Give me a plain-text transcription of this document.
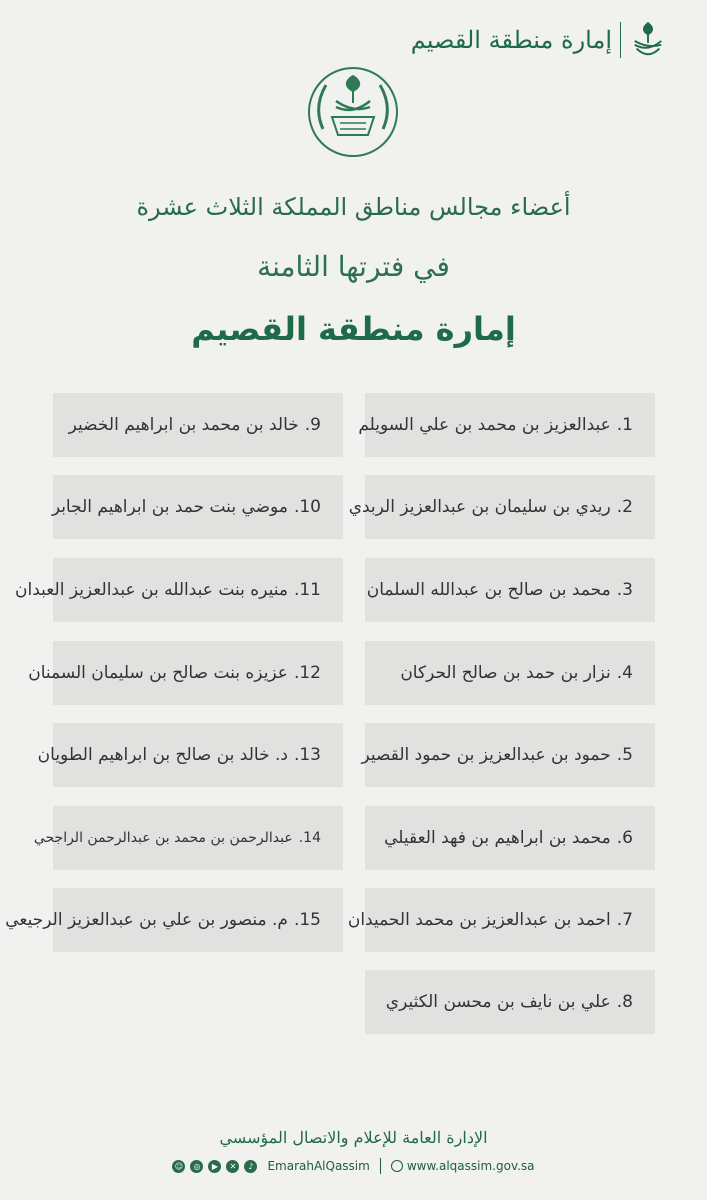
إمارة منطقة القصيم
أعضاء مجالس مناطق المملكة الثلاث عشرة
في فترتها الثامنة
إمارة منطقة القصيم
1.
عبدالعزيز بن محمد بن علي السويلم
2.
ريدي بن سليمان بن عبدالعزيز الربدي
3.
محمد بن صالح بن عبدالله السلمان
4.
نزار بن حمد بن صالح الحركان
5.
حمود بن عبدالعزيز بن حمود القصير
6.
محمد بن ابراهيم بن فهد العقيلي
7.
احمد بن عبدالعزيز بن محمد الحميدان
8.
علي بن نايف بن محسن الكثيري
9.
خالد بن محمد بن ابراهيم الخضير
10.
موضي بنت حمد بن ابراهيم الجابر
11.
منيره بنت عبدالله بن عبدالعزيز العبدان
12.
عزيزه بنت صالح بن سليمان السمنان
13.
د. خالد بن صالح بن ابراهيم الطويان
14.
عبدالرحمن بن محمد بن عبدالرحمن الراجحي
15.
م. منصور بن علي بن عبدالعزيز الرجيعي
الإدارة العامة للإعلام والاتصال المؤسسي
☺	◎	▶	✕	♪	EmarahAlQassim	www.alqassim.gov.sa
